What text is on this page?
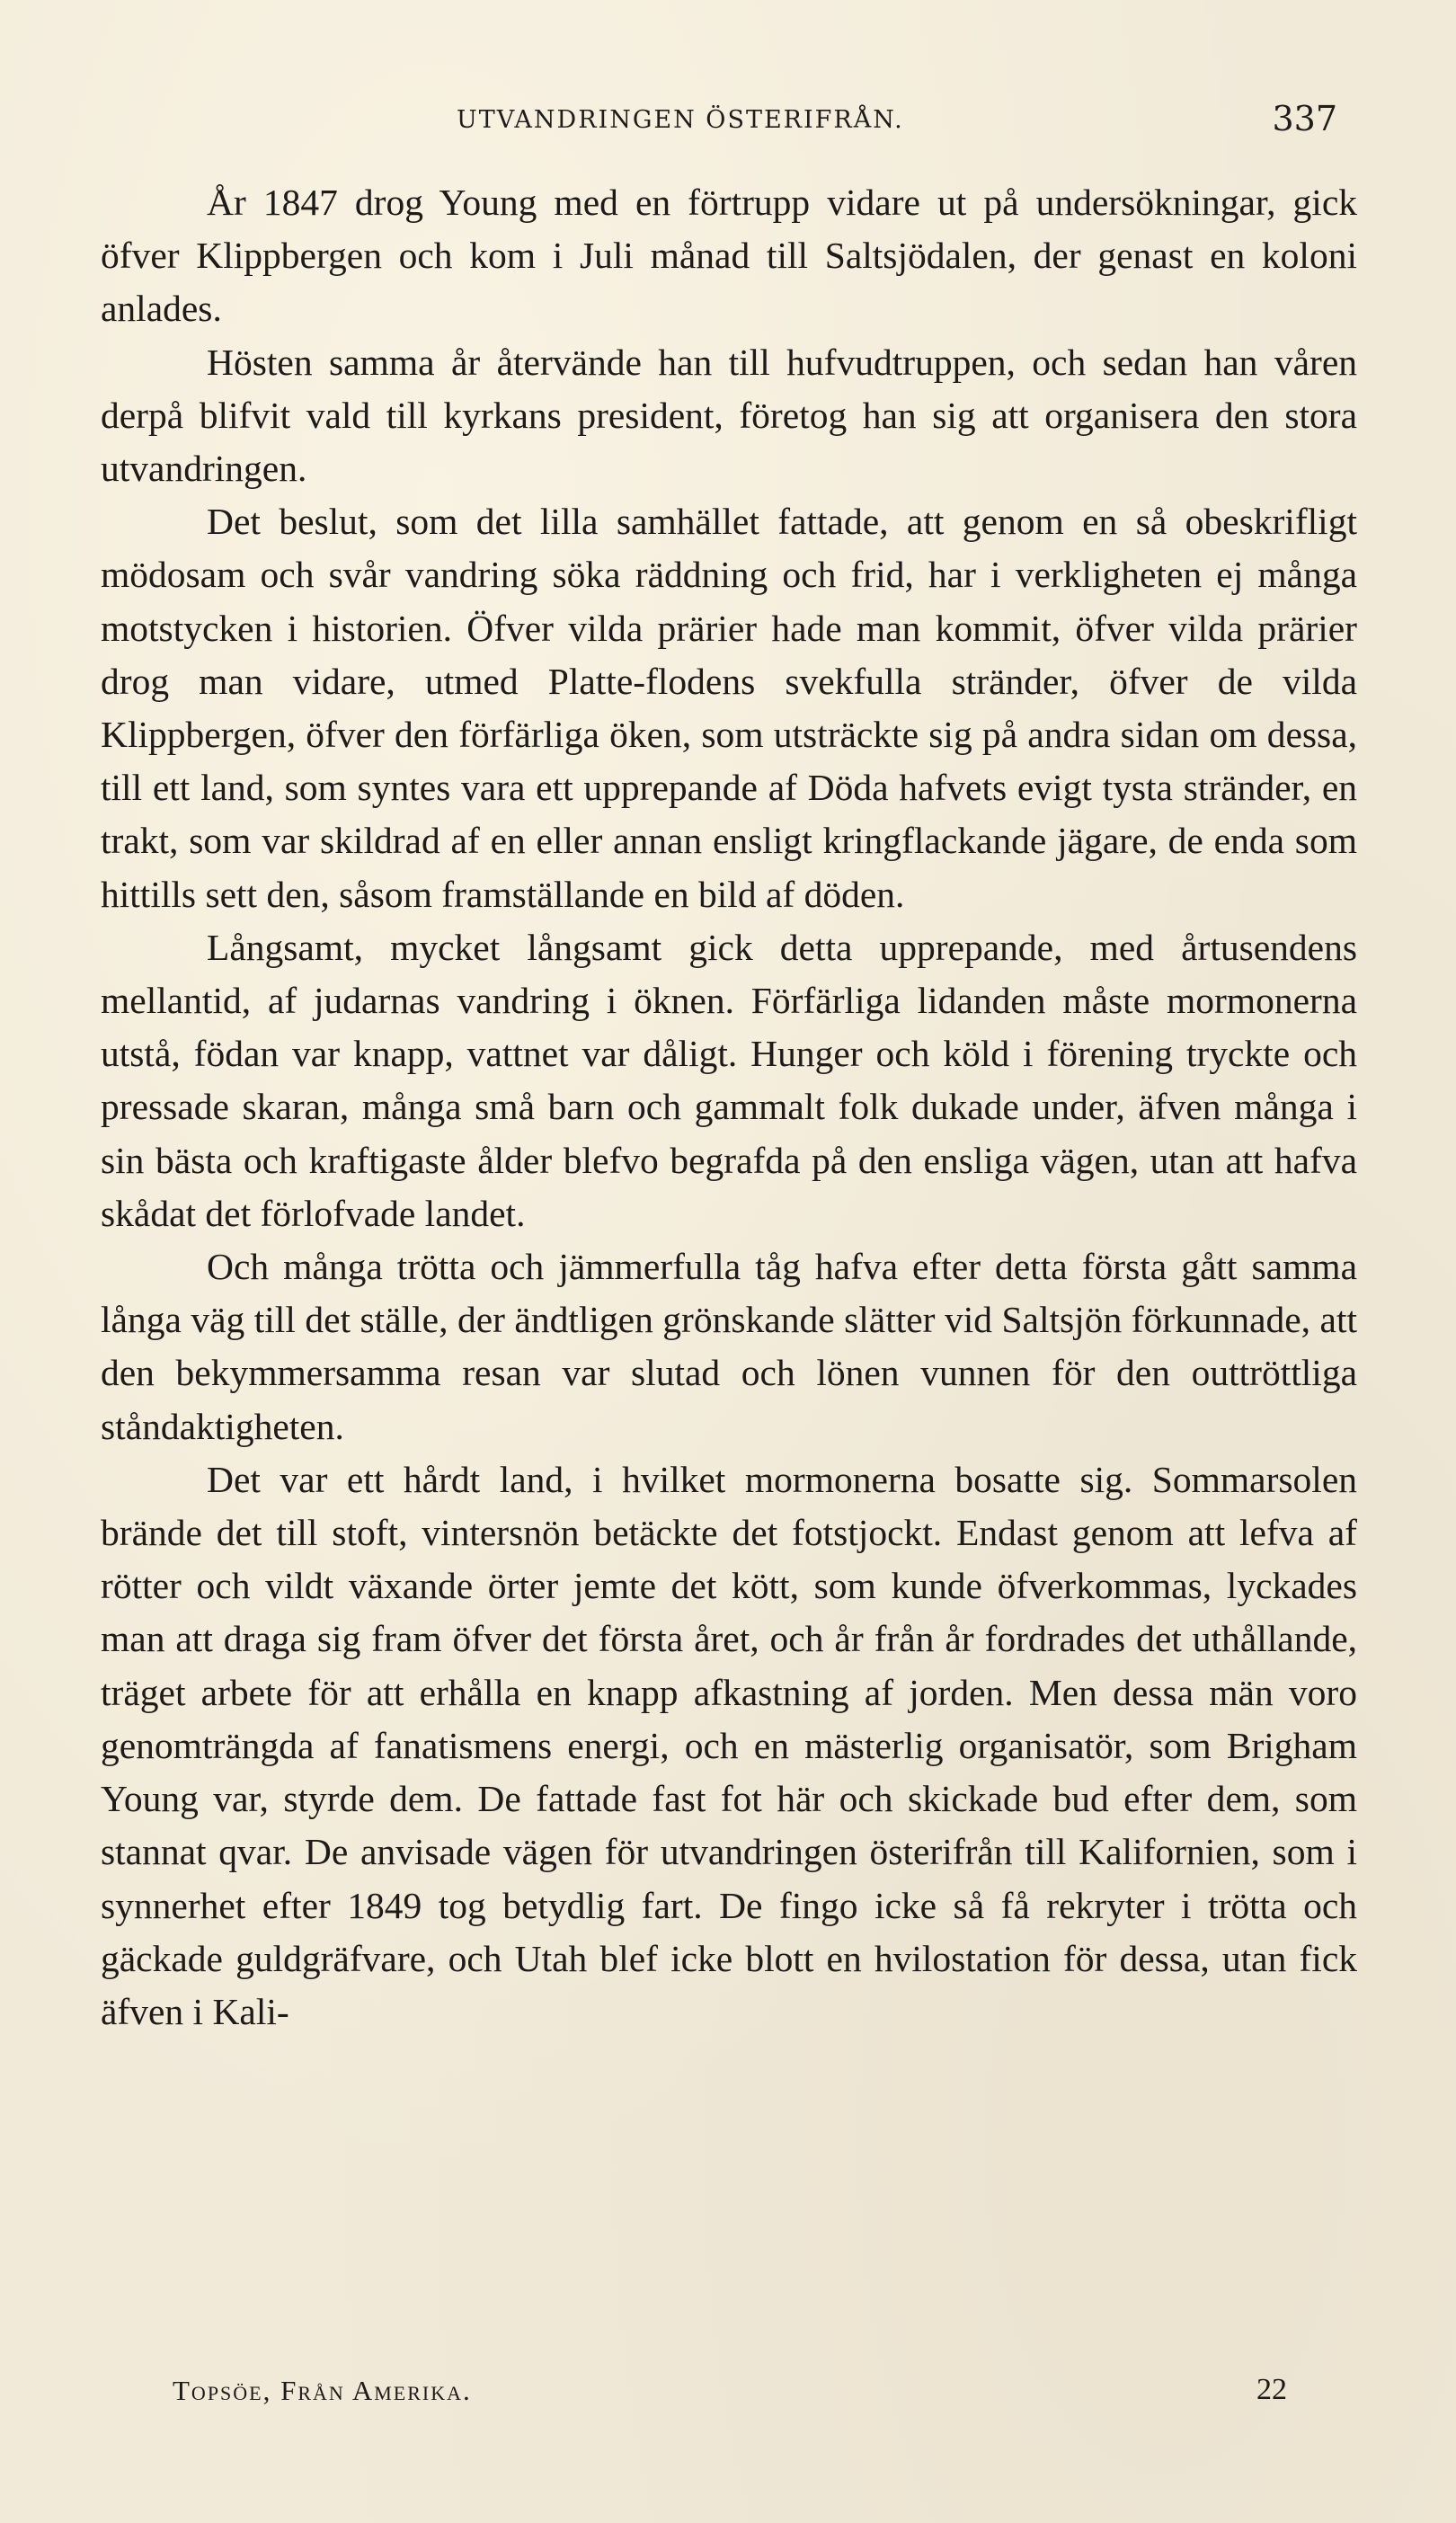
UTVANDRINGEN ÖSTERIFRÅN.	337

År 1847 drog Young med en förtrupp vidare ut på undersökningar, gick öfver Klippbergen och kom i Juli månad till Saltsjödalen, der genast en koloni anlades.

Hösten samma år återvände han till hufvudtruppen, och sedan han våren derpå blifvit vald till kyrkans president, företog han sig att organisera den stora utvandringen.

Det beslut, som det lilla samhället fattade, att genom en så obeskrifligt mödosam och svår vandring söka räddning och frid, har i verkligheten ej många motstycken i historien. Öfver vilda prärier hade man kommit, öfver vilda prärier drog man vidare, utmed Platte-flodens svekfulla stränder, öfver de vilda Klippbergen, öfver den förfärliga öken, som utsträckte sig på andra sidan om dessa, till ett land, som syntes vara ett upprepande af Döda hafvets evigt tysta stränder, en trakt, som var skildrad af en eller annan ensligt kringflackande jägare, de enda som hittills sett den, såsom framställande en bild af döden.

Långsamt, mycket långsamt gick detta upprepande, med årtusendens mellantid, af judarnas vandring i öknen. Förfärliga lidanden måste mormonerna utstå, födan var knapp, vattnet var dåligt. Hunger och köld i förening tryckte och pressade skaran, många små barn och gammalt folk dukade under, äfven många i sin bästa och kraftigaste ålder blefvo begrafda på den ensliga vägen, utan att hafva skådat det förlofvade landet.

Och många trötta och jämmerfulla tåg hafva efter detta första gått samma långa väg till det ställe, der ändtligen grönskande slätter vid Saltsjön förkunnade, att den bekymmersamma resan var slutad och lönen vunnen för den outtröttliga ståndaktigheten.

Det var ett hårdt land, i hvilket mormonerna bosatte sig. Sommarsolen brände det till stoft, vintersnön betäckte det fotstjockt. Endast genom att lefva af rötter och vildt växande örter jemte det kött, som kunde öfverkommas, lyckades man att draga sig fram öfver det första året, och år från år fordrades det uthållande, träget arbete för att erhålla en knapp afkastning af jorden. Men dessa män voro genomträngda af fanatismens energi, och en mästerlig organisatör, som Brigham Young var, styrde dem. De fattade fast fot här och skickade bud efter dem, som stannat qvar. De anvisade vägen för utvandringen österifrån till Kalifornien, som i synnerhet efter 1849 tog betydlig fart. De fingo icke så få rekryter i trötta och gäckade guldgräfvare, och Utah blef icke blott en hvilostation för dessa, utan fick äfven i Kali-

Topsöe, Från Amerika.	22
